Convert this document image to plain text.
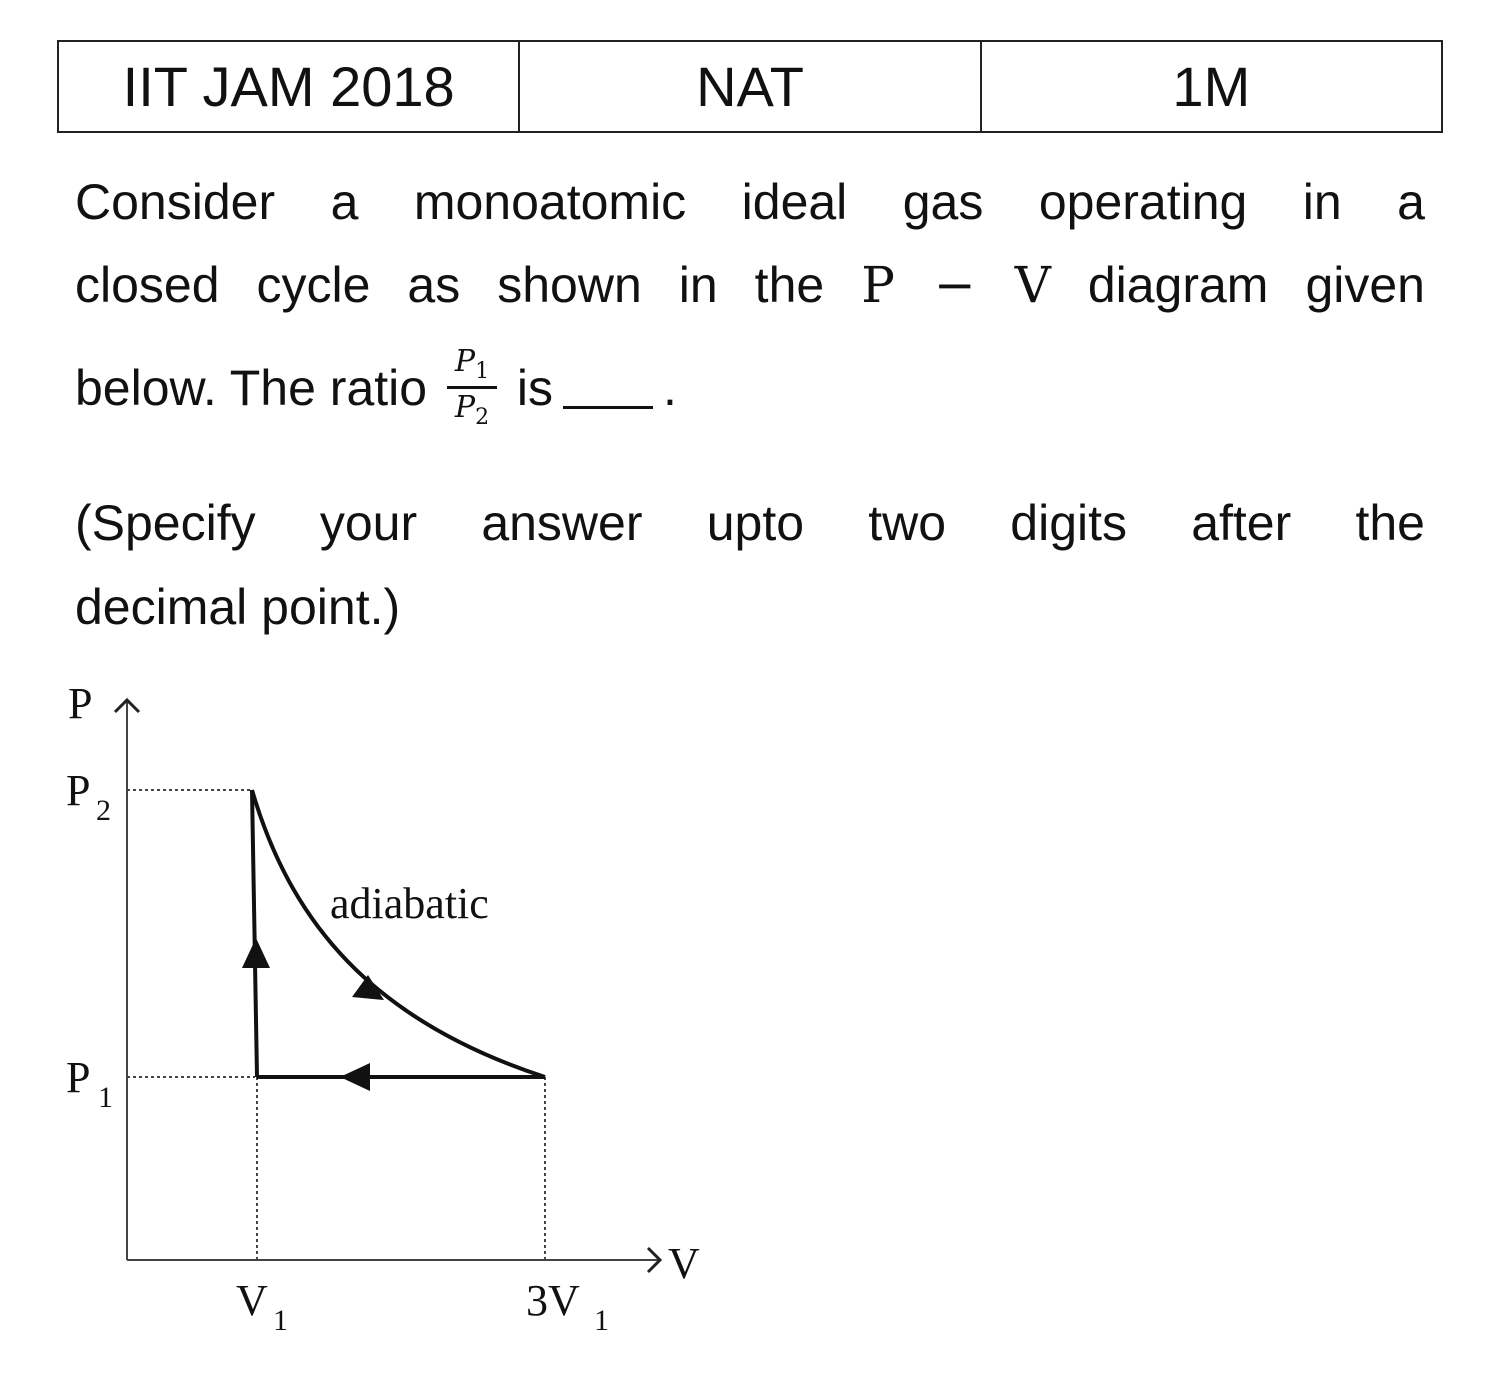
IIT JAM 2018	NAT	1M
Consider a monoatomic ideal gas operating in a
closed cycle as shown in the P − V diagram given
below. The ratio $\frac{P_1}{P_2}$ is .
(Specify your answer upto two digits after the
decimal point.)
P
V
P 2
P 1
V 1	3V 1
adiabatic
